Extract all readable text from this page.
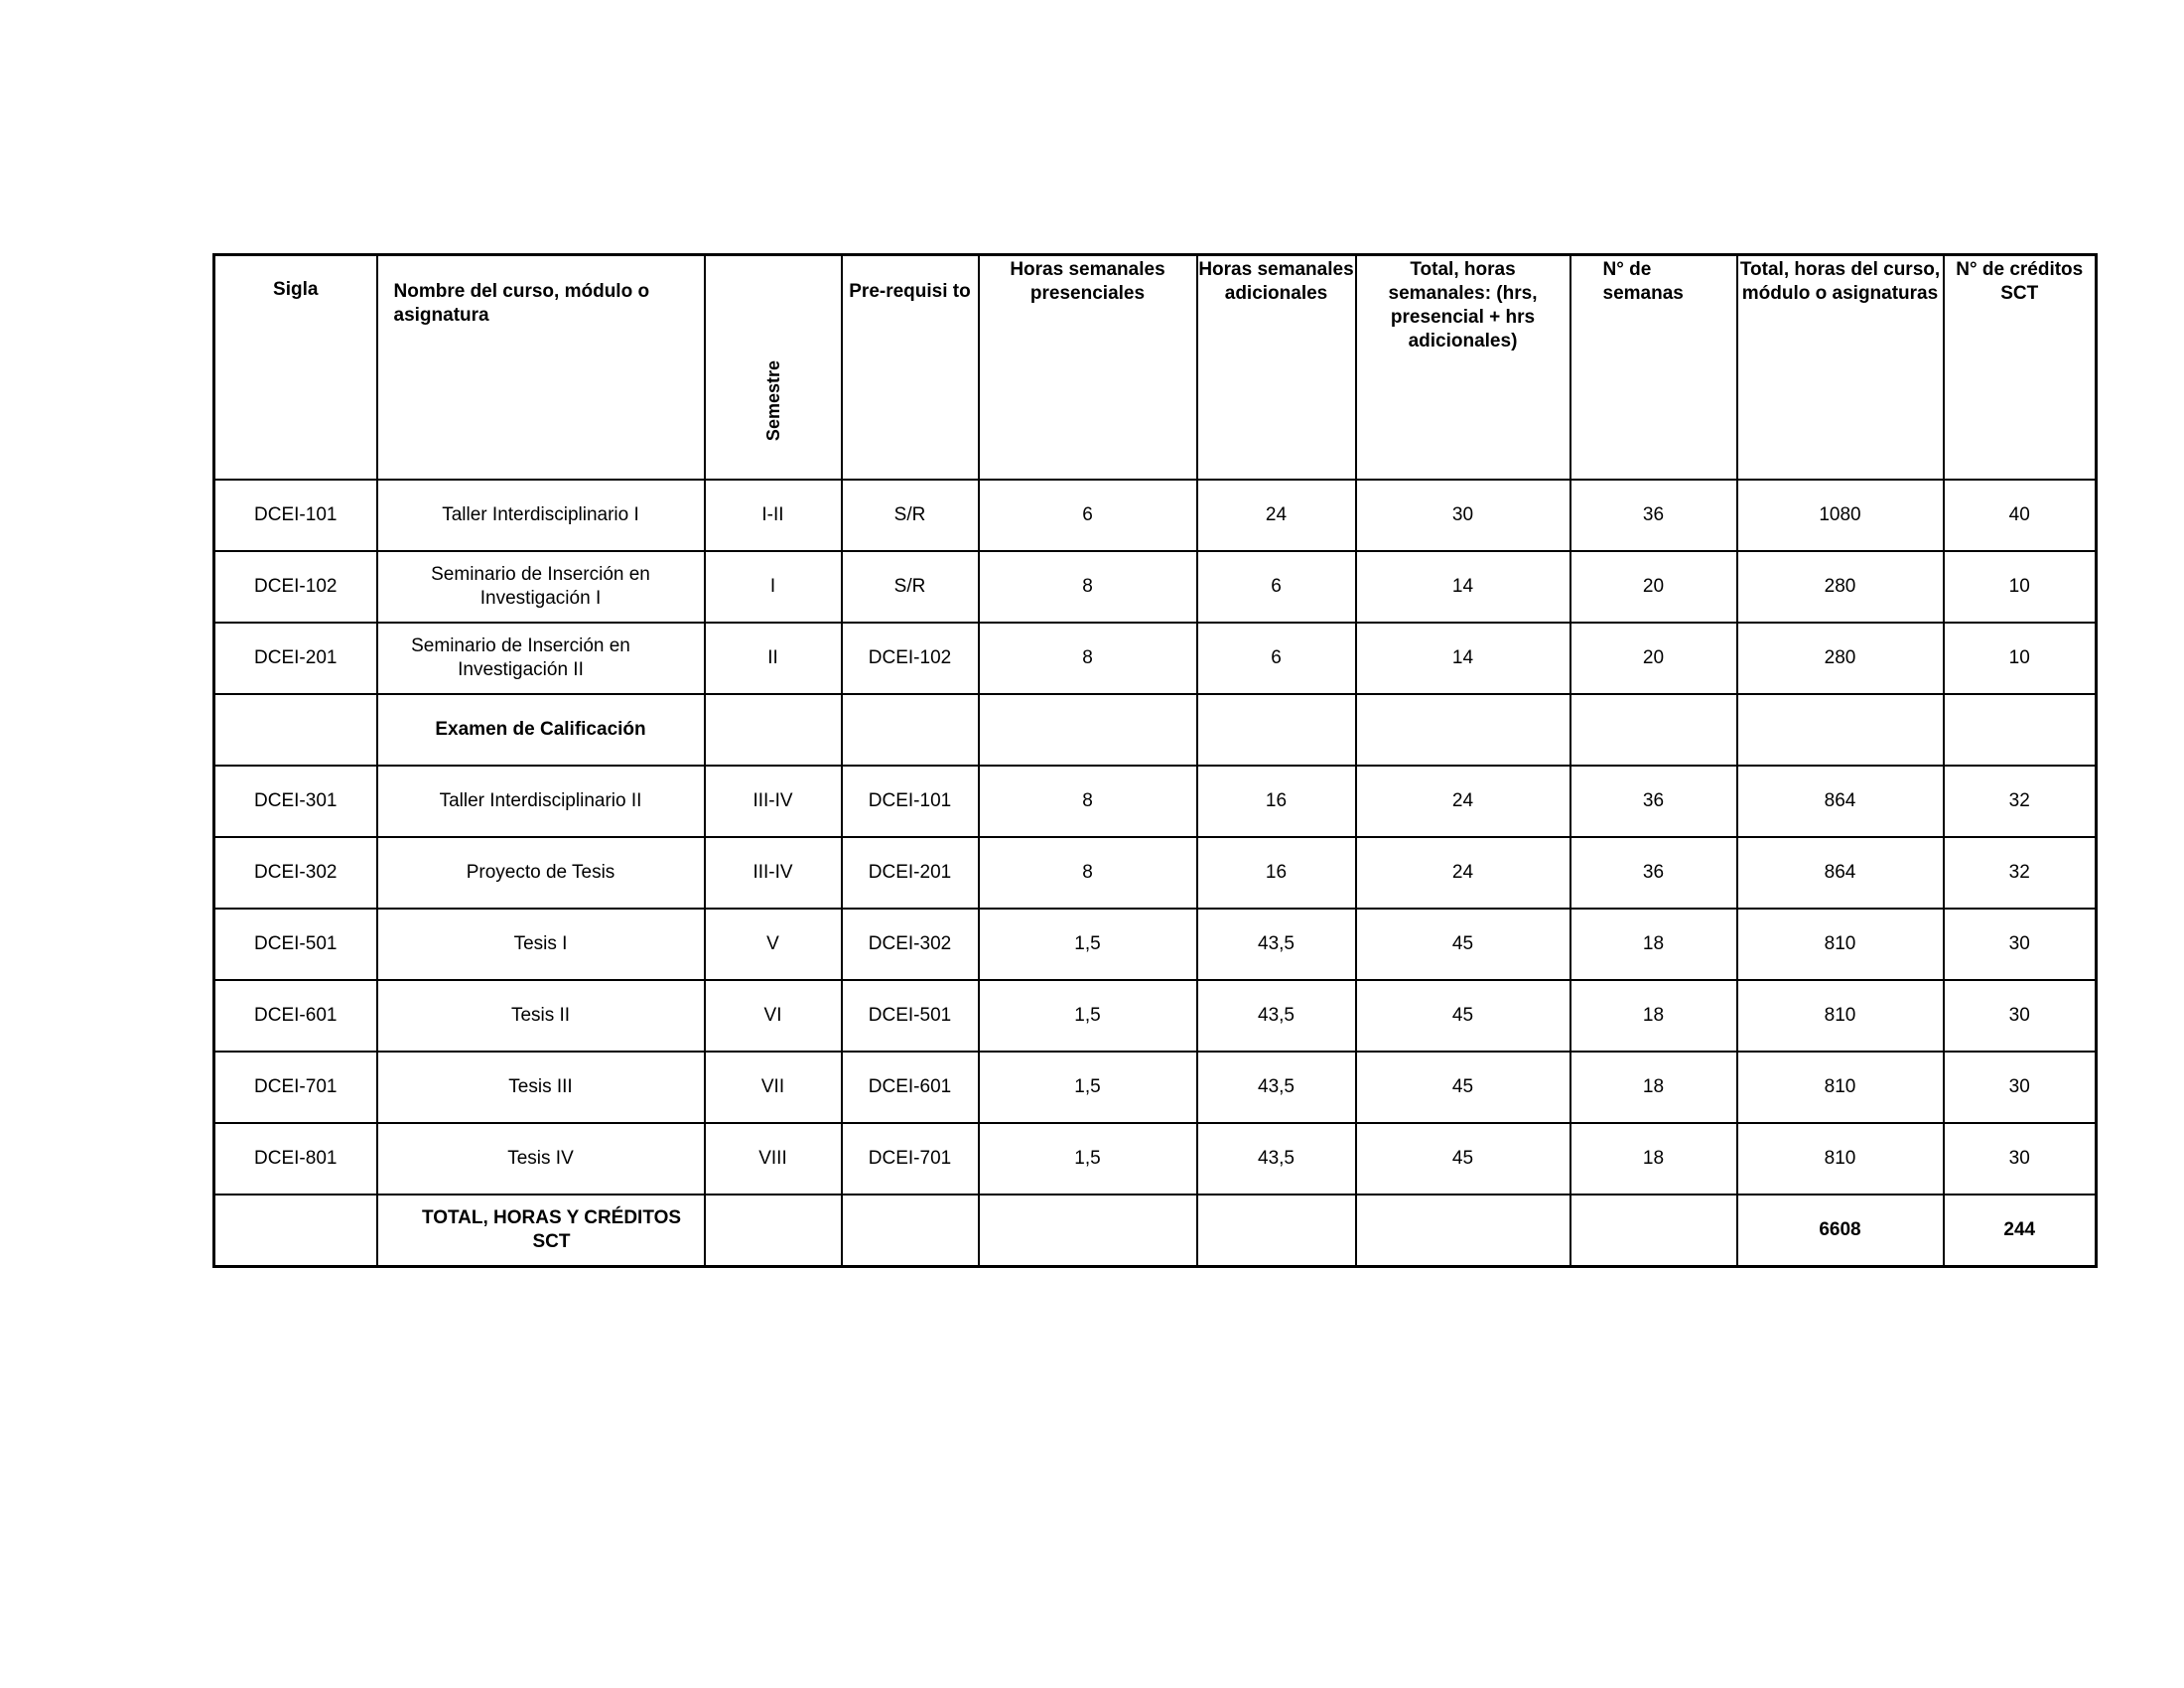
Sigla	Nombre del curso, módulo o asignatura	Semestre	Pre-requisi to	Horas semanales presenciales	Horas semanales adicionales	Total, horas semanales: (hrs, presencial + hrs adicionales)	N° de semanas	Total, horas del curso, módulo o asignaturas	N° de créditos SCT
DCEI-101	Taller Interdisciplinario I	I-II	S/R	6	24	30	36	1080	40
DCEI-102	Seminario de Inserción en Investigación I	I	S/R	8	6	14	20	280	10
DCEI-201	Seminario de Inserción en Investigación II	II	DCEI-102	8	6	14	20	280	10
	Examen de Calificación								
DCEI-301	Taller Interdisciplinario II	III-IV	DCEI-101	8	16	24	36	864	32
DCEI-302	Proyecto de Tesis	III-IV	DCEI-201	8	16	24	36	864	32
DCEI-501	Tesis I	V	DCEI-302	1,5	43,5	45	18	810	30
DCEI-601	Tesis II	VI	DCEI-501	1,5	43,5	45	18	810	30
DCEI-701	Tesis III	VII	DCEI-601	1,5	43,5	45	18	810	30
DCEI-801	Tesis IV	VIII	DCEI-701	1,5	43,5	45	18	810	30
	TOTAL, HORAS Y CRÉDITOS SCT							6608	244
